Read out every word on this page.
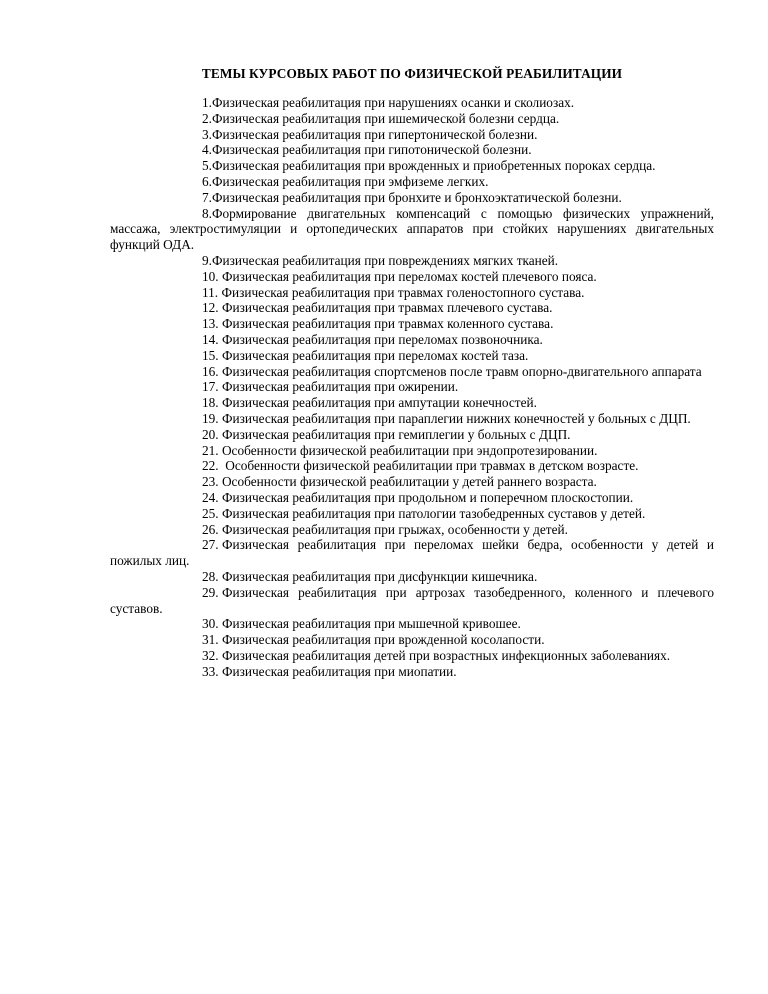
ТЕМЫ КУРСОВЫХ РАБОТ ПО ФИЗИЧЕСКОЙ РЕАБИЛИТАЦИИ
1.Физическая реабилитация при нарушениях осанки и сколиозах.
2.Физическая реабилитация при ишемической болезни сердца.
3.Физическая реабилитация при гипертонической болезни.
4.Физическая реабилитация при гипотонической болезни.
5.Физическая реабилитация при врожденных и приобретенных пороках сердца.
6.Физическая реабилитация при эмфиземе легких.
7.Физическая реабилитация при бронхите и бронхоэктатической болезни.
8.Формирование двигательных компенсаций с помощью физических упражнений, массажа, электростимуляции и ортопедических аппаратов при стойких нарушениях двигательных функций ОДА.
9.Физическая реабилитация при повреждениях мягких тканей.
10. Физическая реабилитация при переломах костей плечевого пояса.
11. Физическая реабилитация при травмах голеностопного сустава.
12. Физическая реабилитация при травмах плечевого сустава.
13. Физическая реабилитация при травмах коленного сустава.
14. Физическая реабилитация при переломах позвоночника.
15. Физическая реабилитация при переломах костей таза.
16. Физическая реабилитация спортсменов после травм опорно-двигательного аппарата
17. Физическая реабилитация при ожирении.
18. Физическая реабилитация при ампутации конечностей.
19. Физическая реабилитация при параплегии нижних конечностей у больных с ДЦП.
20. Физическая реабилитация при гемиплегии у больных с ДЦП.
21. Особенности физической реабилитации при эндопротезировании.
22.  Особенности физической реабилитации при травмах в детском возрасте.
23. Особенности физической реабилитации у детей раннего возраста.
24. Физическая реабилитация при продольном и поперечном плоскостопии.
25. Физическая реабилитация при патологии тазобедренных суставов у детей.
26. Физическая реабилитация при грыжах, особенности у детей.
27. Физическая реабилитация при переломах шейки бедра, особенности у детей и пожилых лиц.
28. Физическая реабилитация при дисфункции кишечника.
29. Физическая реабилитация при артрозах тазобедренного, коленного и плечевого суставов.
30. Физическая реабилитация при мышечной кривошее.
31. Физическая реабилитация при врожденной косолапости.
32. Физическая реабилитация детей при возрастных инфекционных заболеваниях.
33. Физическая реабилитация при миопатии.
